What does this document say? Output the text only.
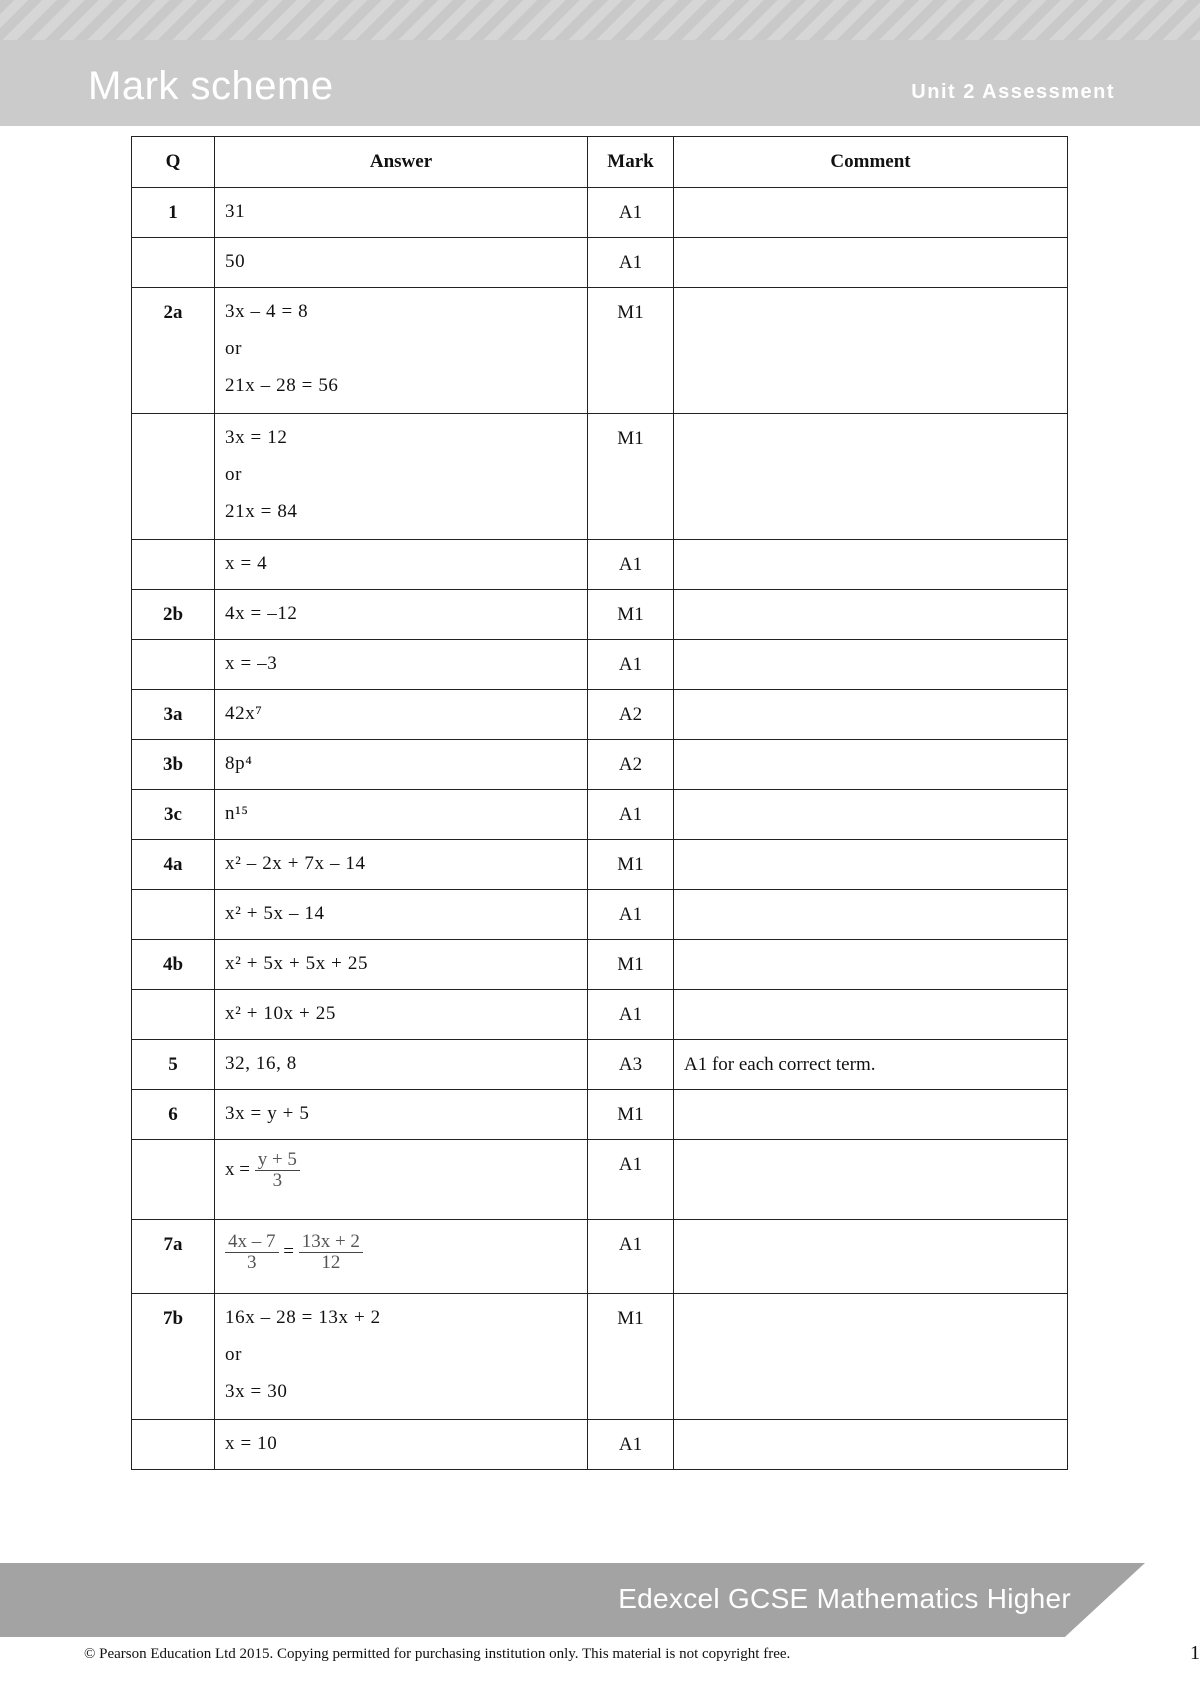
Mark scheme	Unit 2 Assessment
Q	Answer	Mark	Comment

1	31	A1	

	50	A1	

2a	3x – 4 = 8
or
21x – 28 = 56	M1	

	3x = 12
or
21x = 84	M1	

	x = 4	A1	

2b	4x = –12	M1	

	x = –3	A1	

3a	42x⁷	A2	

3b	8p⁴	A2	

3c	n¹⁵	A1	

4a	x² – 2x + 7x – 14	M1	

	x² + 5x – 14	A1	

4b	x² + 5x + 5x + 25	M1	

	x² + 10x + 25	A1	

5	32, 16, 8	A3	A1 for each correct term.

6	3x = y + 5	M1	

	$x = \frac{y + 5}{3}$	A1	

7a	$\frac{4x - 7}{3} = \frac{13x + 2}{12}$	A1	

7b	16x – 28 = 13x + 2
or
3x = 30	M1	

	x = 10	A1	

Edexcel GCSE Mathematics Higher
© Pearson Education Ltd 2015. Copying permitted for purchasing institution only. This material is not copyright free.	1
